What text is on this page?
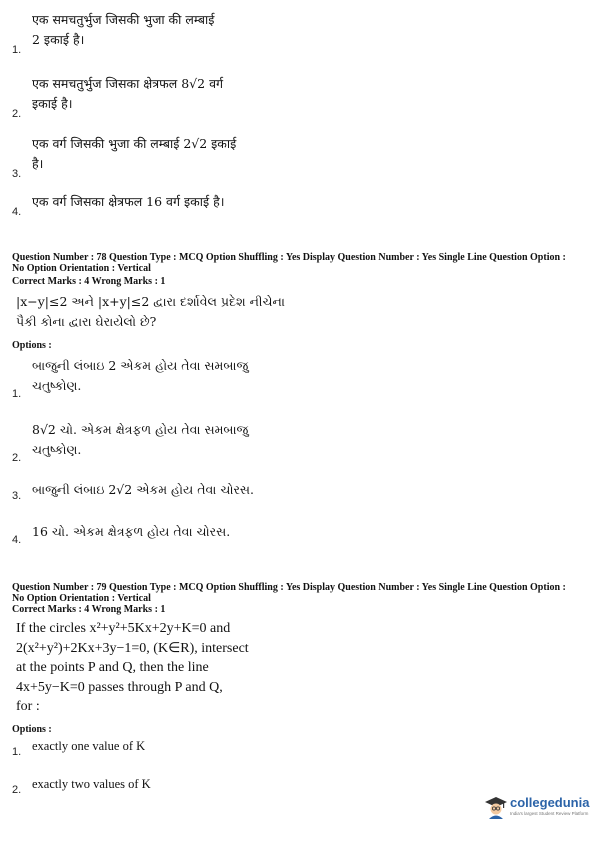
एक समचतुर्भुज जिसकी भुजा की लम्बाई
2 इकाई है।
1.
एक समचतुर्भुज जिसका क्षेत्रफल 8√2 वर्ग
इकाई है।
2.
एक वर्ग जिसकी भुजा की लम्बाई 2√2 इकाई
है।
3.
एक वर्ग जिसका क्षेत्रफल 16 वर्ग इकाई है।
4.
Question Number : 78 Question Type : MCQ Option Shuffling : Yes Display Question Number : Yes Single Line Question Option :
No Option Orientation : Vertical
Correct Marks : 4 Wrong Marks : 1
|x−y|≤2 અને |x+y|≤2 દ્વારા દર્શાવેલ પ્રદેશ નીચેના
પૈકી કોના દ્વારા ઘેરાયેલો છે?
Options :
બાજુની લંબાઇ 2 એકમ હોય તેવા સમબાજુ
ચતુષ્કોણ.
1.
8√2 ચો. એકમ ક્ષેત્રફળ હોય તેવા સમબાજુ
ચતુષ્કોણ.
2.
બાજુની લંબાઇ 2√2 એકમ હોય તેવા ચોરસ.
3.
16 ચો. એકમ ક્ષેત્રફળ હોય તેવા ચોરસ.
4.
Question Number : 79 Question Type : MCQ Option Shuffling : Yes Display Question Number : Yes Single Line Question Option :
No Option Orientation : Vertical
Correct Marks : 4 Wrong Marks : 1
If the circles x²+y²+5Kx+2y+K=0 and
2(x²+y²)+2Kx+3y−1=0, (K∈R), intersect
at the points P and Q, then the line
4x+5y−K=0 passes through P and Q,
for :
Options :
exactly one value of K
1.
exactly two values of K
2.
collegedunia
India's largest Student Review Platform
